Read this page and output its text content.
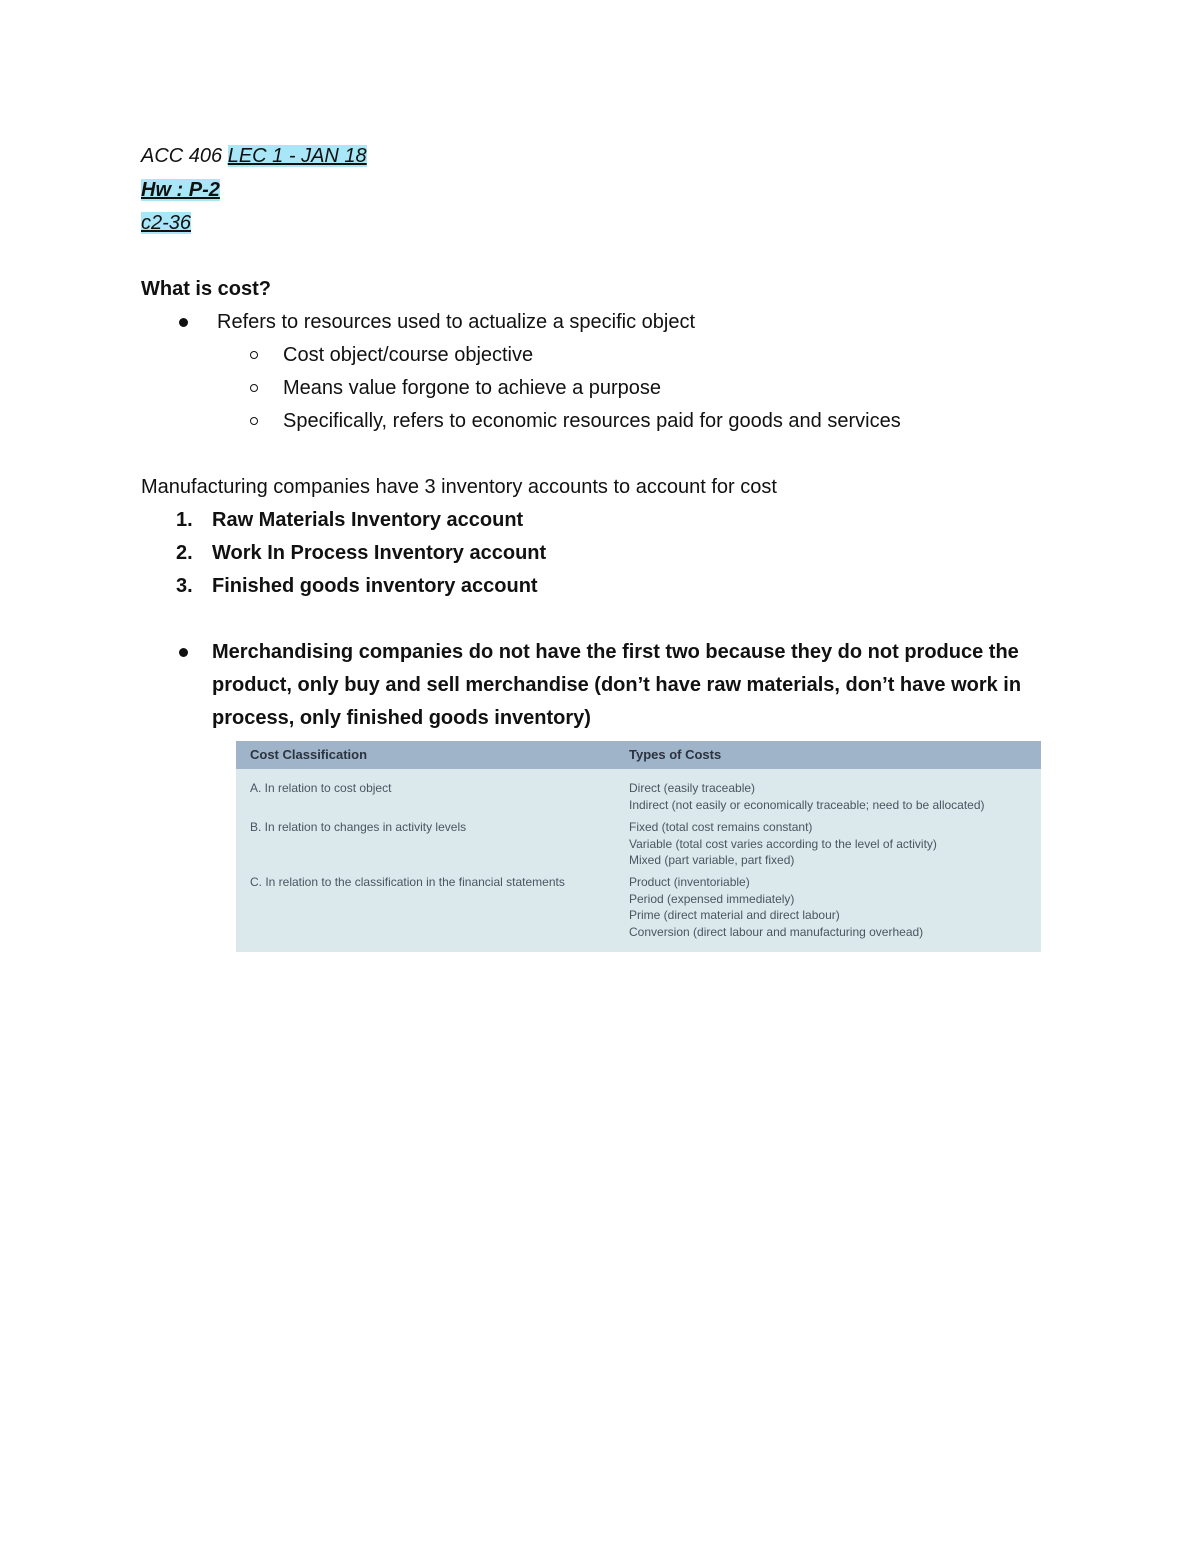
ACC 406 LEC 1 - JAN 18
Hw : P-2
c2-36
What is cost?
Refers to resources used to actualize a specific object
Cost object/course objective
Means value forgone to achieve a purpose
Specifically, refers to economic resources paid for goods and services
Manufacturing companies have 3 inventory accounts to account for cost
1. Raw Materials Inventory account
2. Work In Process Inventory account
3. Finished goods inventory account
Merchandising companies do not have the first two because they do not produce the
product, only buy and sell merchandise (don’t have raw materials, don’t have work in
process, only finished goods inventory)
Cost Classification	Types of Costs
A. In relation to cost object	Direct (easily traceable)
Indirect (not easily or economically traceable; need to be allocated)
B. In relation to changes in activity levels	Fixed (total cost remains constant)
Variable (total cost varies according to the level of activity)
Mixed (part variable, part fixed)
C. In relation to the classification in the financial statements	Product (inventoriable)
Period (expensed immediately)
Prime (direct material and direct labour)
Conversion (direct labour and manufacturing overhead)
